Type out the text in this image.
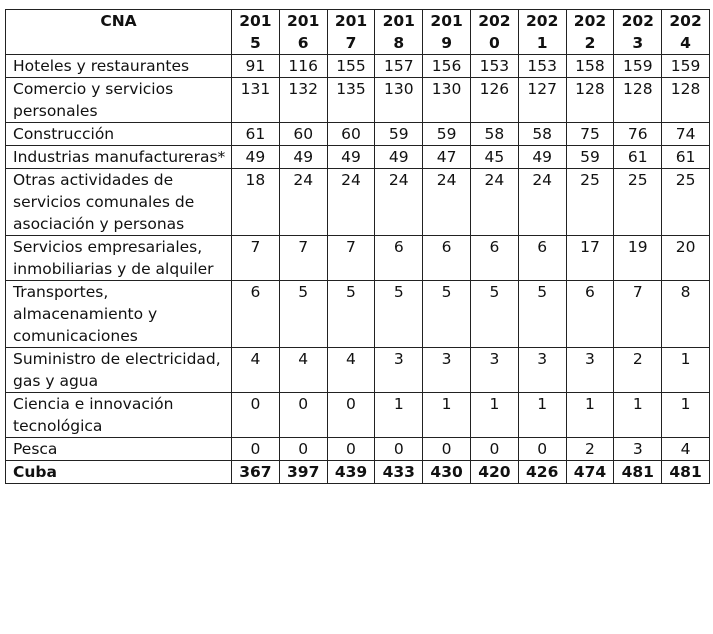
CNA	2015	2016	2017	2018	2019	2020	2021	2022	2023	2024
Hoteles y restaurantes	91	116	155	157	156	153	153	158	159	159
Comercio y servicios personales	131	132	135	130	130	126	127	128	128	128
Construcción	61	60	60	59	59	58	58	75	76	74
Industrias manufactureras*	49	49	49	49	47	45	49	59	61	61
Otras actividades de servicios comunales de asociación y personas	18	24	24	24	24	24	24	25	25	25
Servicios empresariales, inmobiliarias y de alquiler	7	7	7	6	6	6	6	17	19	20
Transportes, almacenamiento y comunicaciones	6	5	5	5	5	5	5	6	7	8
Suministro de electricidad, gas y agua	4	4	4	3	3	3	3	3	2	1
Ciencia e innovación tecnológica	0	0	0	1	1	1	1	1	1	1
Pesca	0	0	0	0	0	0	0	2	3	4
Cuba	367	397	439	433	430	420	426	474	481	481
